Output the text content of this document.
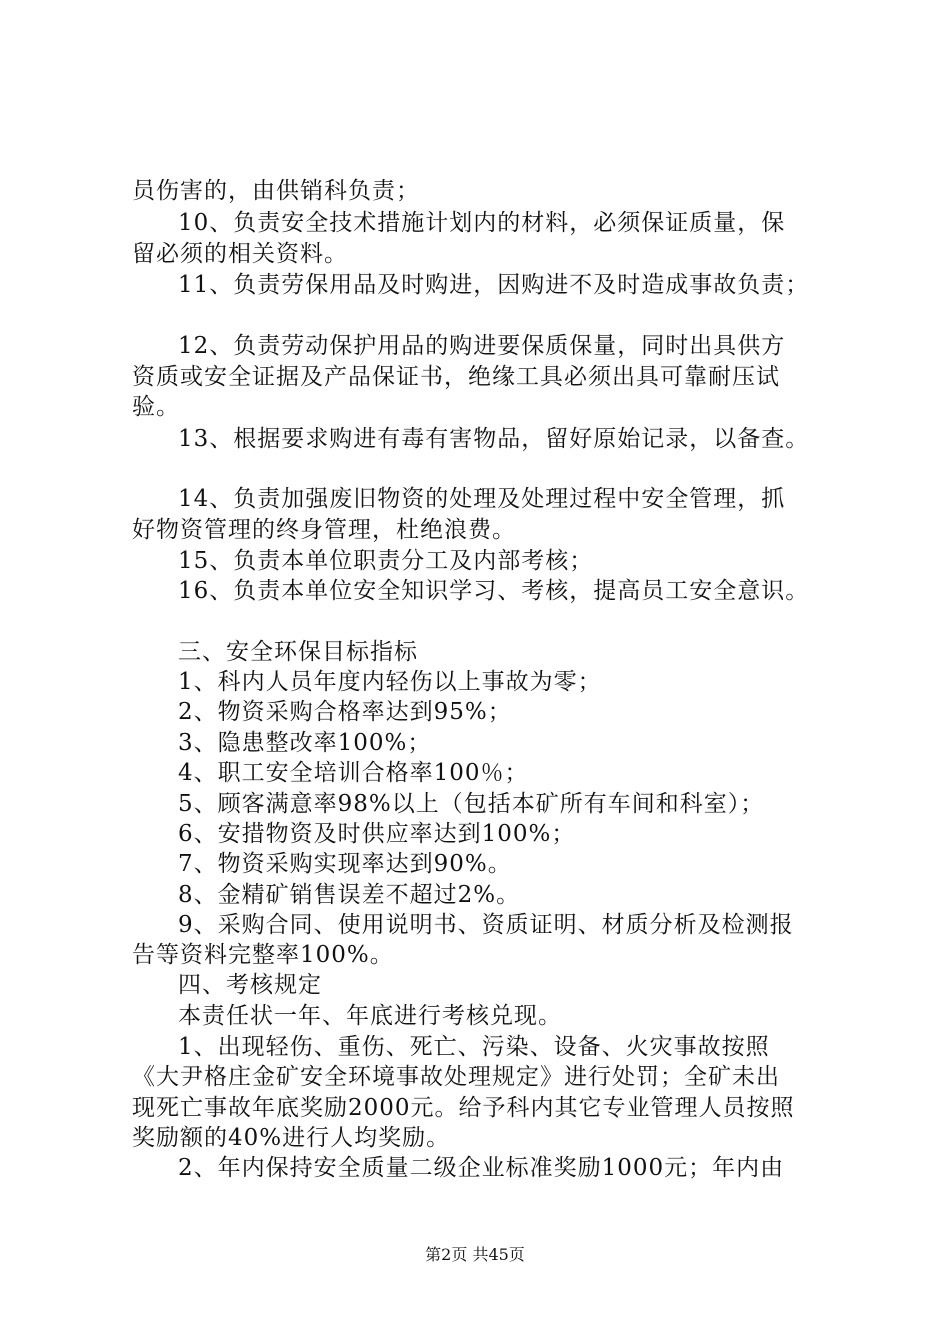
员伤害的，由供销科负责；
10、负责安全技术措施计划内的材料，必须保证质量，保
留必须的相关资料。
11、负责劳保用品及时购进，因购进不及时造成事故负责；
12、负责劳动保护用品的购进要保质保量，同时出具供方
资质或安全证据及产品保证书，绝缘工具必须出具可靠耐压试
验。
13、根据要求购进有毒有害物品，留好原始记录，以备查。
14、负责加强废旧物资的处理及处理过程中安全管理，抓
好物资管理的终身管理，杜绝浪费。
15、负责本单位职责分工及内部考核；
16、负责本单位安全知识学习、考核，提高员工安全意识。
三、安全环保目标指标
1、科内人员年度内轻伤以上事故为零；
2、物资采购合格率达到95%；
3、隐患整改率100%；
4、职工安全培训合格率100％；
5、顾客满意率98%以上（包括本矿所有车间和科室）；
6、安措物资及时供应率达到100%；
7、物资采购实现率达到90%。
8、金精矿销售误差不超过2%。
9、采购合同、使用说明书、资质证明、材质分析及检测报
告等资料完整率100%。
四、考核规定
本责任状一年、年底进行考核兑现。
1、出现轻伤、重伤、死亡、污染、设备、火灾事故按照
《大尹格庄金矿安全环境事故处理规定》进行处罚；全矿未出
现死亡事故年底奖励2000元。给予科内其它专业管理人员按照
奖励额的40%进行人均奖励。
2、年内保持安全质量二级企业标准奖励1000元；年内由
第2页 共45页
